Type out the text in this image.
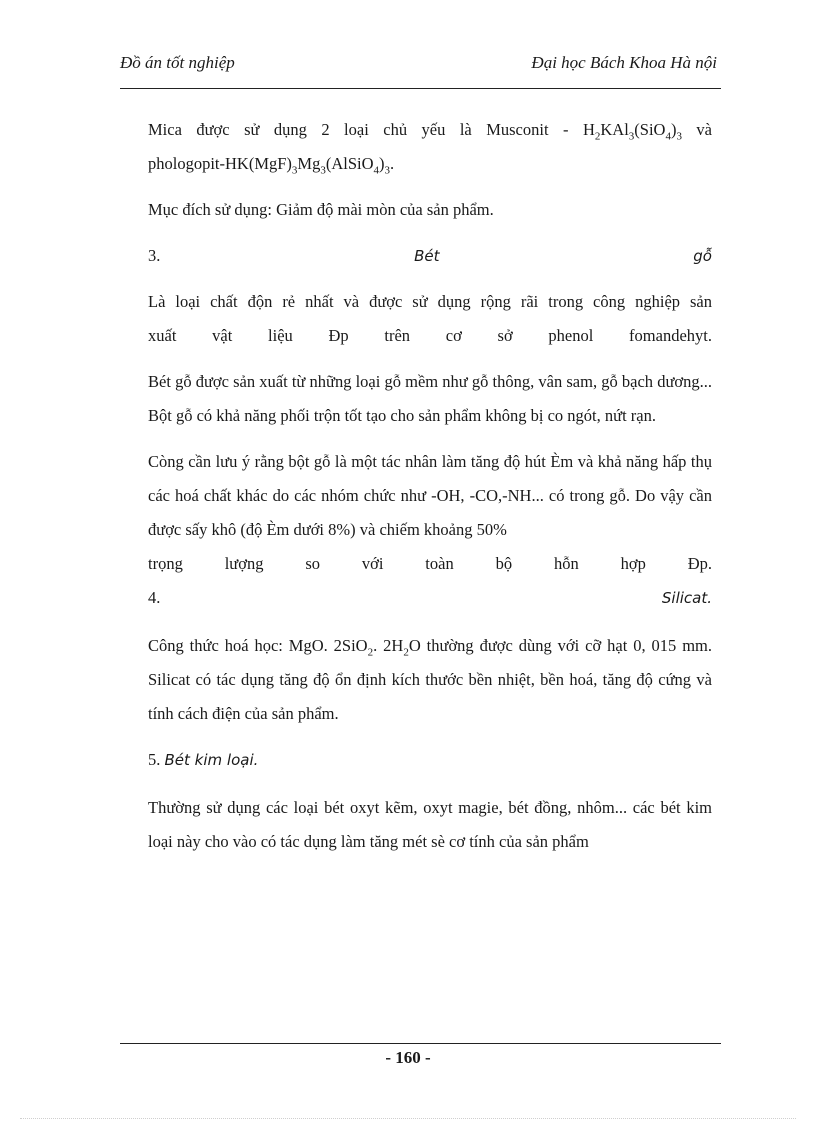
Đồ án tốt nghiệp	Đại học Bách Khoa Hà nội

Mica được sử dụng 2 loại chủ yếu là Musconit - $H_2KAl_3(SiO_4)_3$ và

phologopit-$HK(MgF)_3Mg_3(AlSiO_4)_3$.

Mục đích sử dụng: Giảm độ mài mòn của sản phẩm.

3.	Bét	gỗ

Là loại chất độn rẻ nhất và được sử dụng rộng rãi trong công nghiệp sản

xuất vật liệu Đp trên cơ sở phenol fomandehyt.

Bét gỗ được sản xuất từ những loại gỗ mềm như gỗ thông, vân sam, gỗ bạch dương... Bột gỗ có khả năng phối trộn tốt tạo cho sản phẩm không bị co ngót, nứt rạn.

Còng cần lưu ý rằng bột gỗ là một tác nhân làm tăng độ hút Èm và khả năng hấp thụ các hoá chất khác do các nhóm chức như -OH, -CO,-NH... có trong gỗ. Do vậy cần được sấy khô (độ Èm dưới 8%) và chiếm khoảng 50%

trọng lượng so với toàn bộ hỗn hợp Đp.

4.	Silicat.

Công thức hoá học: MgO. 2SiO$_2$. $2H_2O$ thường được dùng với cỡ hạt 0, 015 mm. Silicat có tác dụng tăng độ ổn định kích thước bền nhiệt, bền hoá, tăng độ cứng và tính cách điện của sản phẩm.

5. Bét kim loại.

Thường sử dụng các loại bét oxyt kẽm, oxyt magie, bét đồng, nhôm... các bét kim loại này cho vào có tác dụng làm tăng mét sè cơ tính của sản phẩm

- 160 -
